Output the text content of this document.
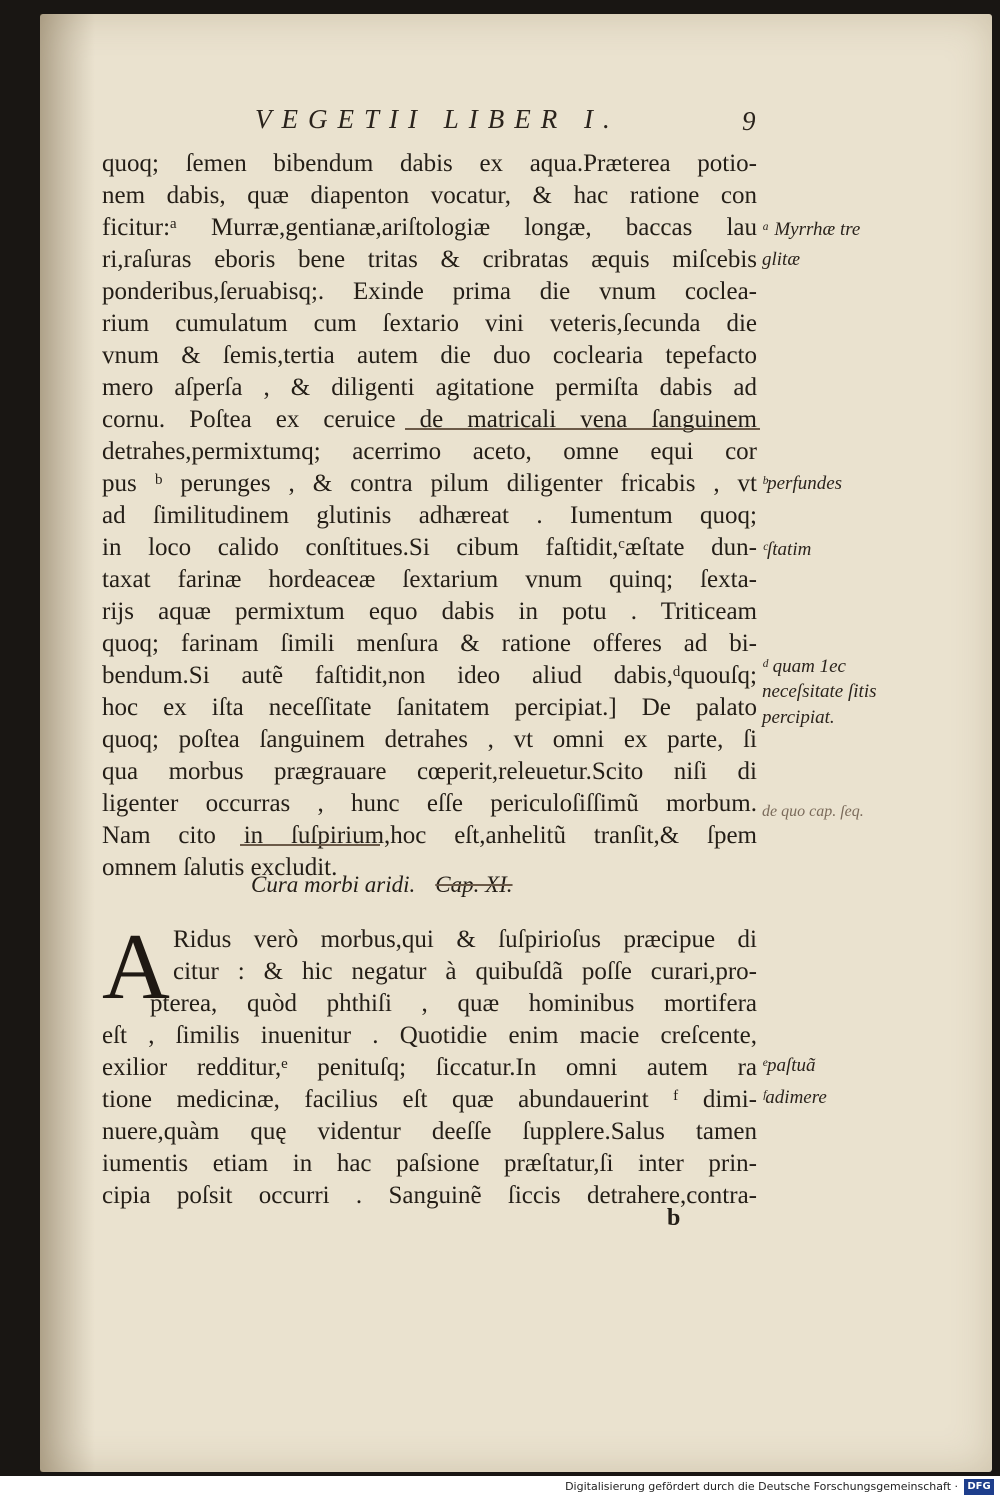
VEGETII LIBER I.	9
quoq; ſemen bibendum dabis ex aqua.Præterea potio-
nem dabis, quæ diapenton vocatur, & hac ratione con
ficitur:ᵃ Murræ,gentianæ,ariſtologiæ longæ, baccas lau
ri,raſuras eboris bene tritas & cribratas æquis miſcebis
ponderibus,ſeruabisq;. Exinde prima die vnum coclea-
rium cumulatum cum ſextario vini veteris,ſecunda die
vnum & ſemis,tertia autem die duo coclearia tepefacto
mero aſperſa , & diligenti agitatione permiſta dabis ad
cornu. Poſtea ex ceruice de matricali vena ſanguinem
detrahes,permixtumq; acerrimo aceto, omne equi cor
pus ᵇ perunges , & contra pilum diligenter fricabis , vt
ad ſimilitudinem glutinis adhæreat . Iumentum quoq;
in loco calido conſtitues.Si cibum faſtidit,ᶜæſtate dun-
taxat farinæ hordeaceæ ſextarium vnum quinq; ſextа-
rijs aquæ permixtum equo dabis in potu . Triticeam
quoq; farinam ſimili menſura & ratione offeres ad bi-
bendum.Si autẽ faſtidit,non ideo aliud dabis,ᵈquouſq;
hoc ex iſta neceſſitate ſanitatem percipiat.] De palato
quoq; poſtea ſanguinem detrahes , vt omni ex parte, ſi
qua morbus prægrauare cœperit,releuetur.Scito niſi di
ligenter occurras , hunc eſſe periculoſiſſimũ morbum.
Nam cito in ſuſpirium,hoc eſt,anhelitũ tranſit,& ſpem
omnem ſalutis excludit.
ᵃ Myrrhæ tre
glitæ
ᵇperfundes
ᶜſtatim
ᵈ quam 1ec
neceſsitate ſitis
percipiat.
de quo cap. ſeq.
Cura morbi aridi. Cap. XI.
A Ridus verò morbus,qui & ſuſpirioſus præcipue di
citur : & hic negatur à quibuſdã poſſe curari,pro-
pterea, quòd phthiſi , quæ hominibus mortifera
eſt , ſimilis inuenitur . Quotidie enim macie creſcente,
exilior redditur,ᵉ penituſq; ſiccatur.In omni autem ra
tione medicinæ, facilius eſt quæ abundauerint ᶠ dimi-
nuere,quàm quę videntur deeſſe ſupplere.Salus tamen
iumentis etiam in hac paſsione præſtatur,ſi inter prin-
cipia poſsit occurri . Sanguinẽ ſiccis detrahere,contra-
ᵉpaſtuã
ᶠadimere
b
Digitalisierung gefördert durch die Deutsche Forschungsgemeinschaft · DFG
